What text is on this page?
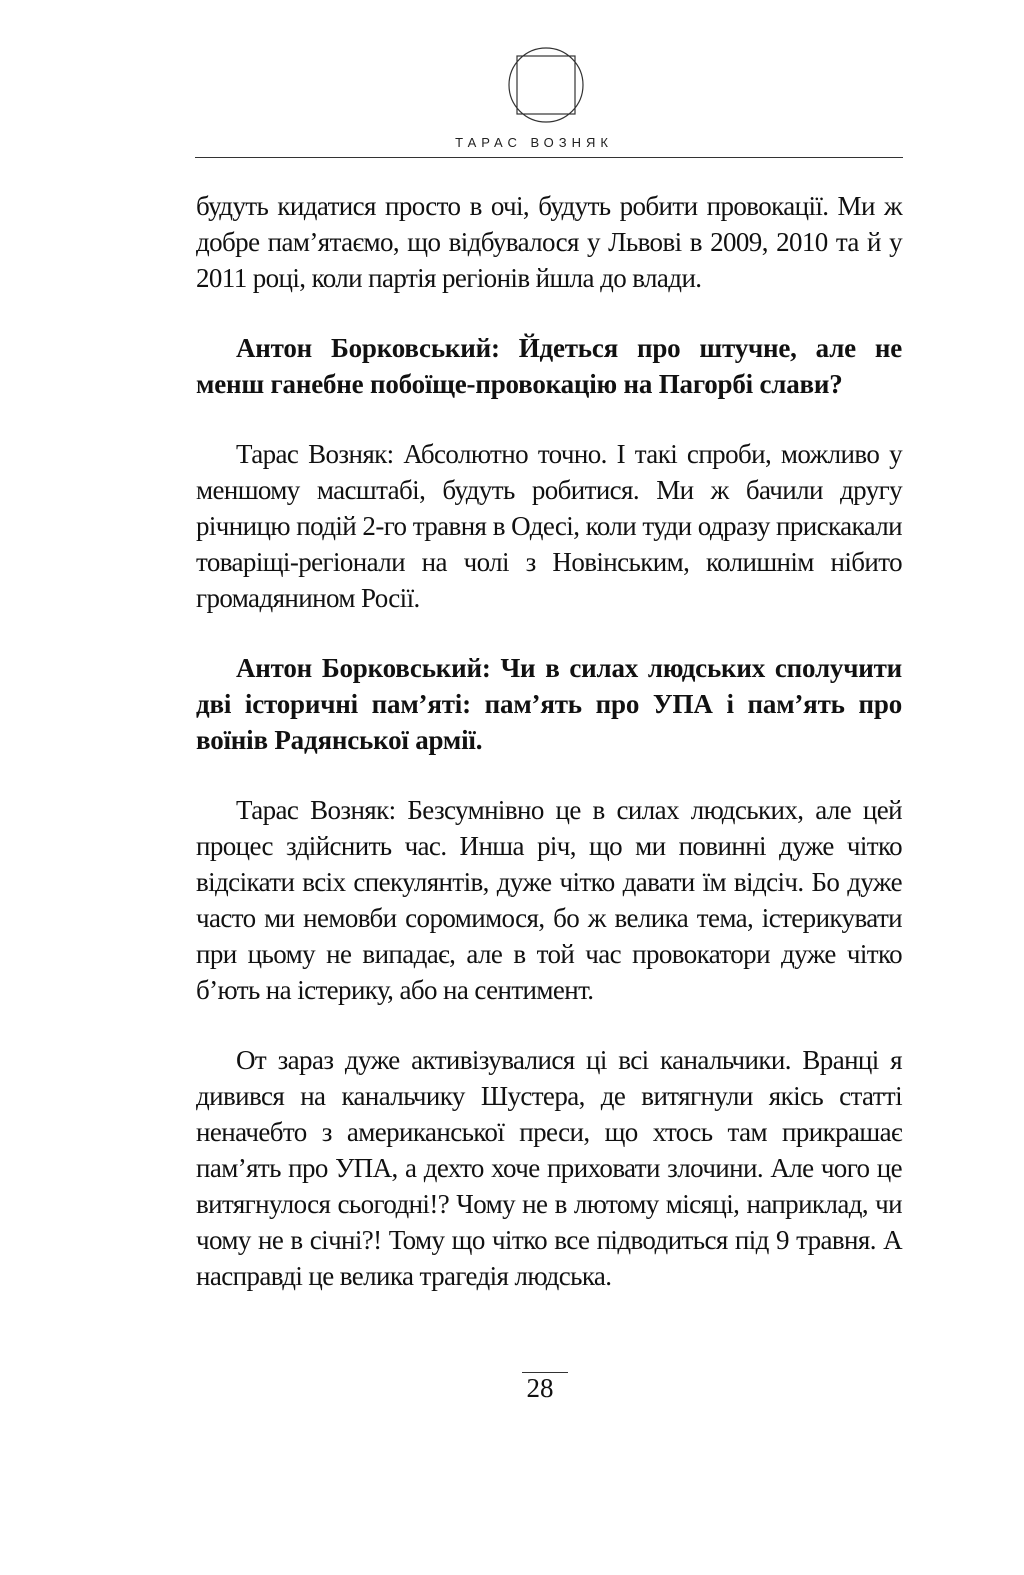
ТАРАС ВОЗНЯК

будуть кидатися просто в очі, будуть робити провокації. Ми ж добре пам’ятаємо, що відбувалося у Львові в 2009, 2010 та й у 2011 році, коли партія регіонів йшла до влади.

Антон Борковський: Йдеться про штучне, але не менш ганебне побоїще-провокацію на Пагорбі слави?

Тарас Возняк: Абсолютно точно. І такі спроби, можливо у меншому масштабі, будуть робитися. Ми ж бачили другу річницю подій 2-го травня в Одесі, коли туди одразу прискакали товаріщі-регіонали на чолі з Новінським, колишнім нібито громадянином Росії.

Антон Борковський: Чи в силах людських сполучити дві історичні пам’яті: пам’ять про УПА і пам’ять про воїнів Радянської армії.

Тарас Возняк: Безсумнівно це в силах людських, але цей процес здійснить час. Инша річ, що ми повинні дуже чітко відсікати всіх спекулянтів, дуже чітко давати їм відсіч. Бо дуже часто ми немовби соромимося, бо ж велика тема, істерикувати при цьому не випадає, але в той час провокатори дуже чітко б’ють на істерику, або на сентимент.

От зараз дуже активізувалися ці всі канальчики. Вранці я дивився на канальчику Шустера, де витягнули якісь статті неначебто з американської преси, що хтось там прикрашає пам’ять про УПА, а дехто хоче приховати злочини. Але чого це витягнулося сьогодні!? Чому не в лютому місяці, наприклад, чи чому не в січні?! Тому що чітко все підводиться під 9 травня. А насправді це велика трагедія людська.

28
